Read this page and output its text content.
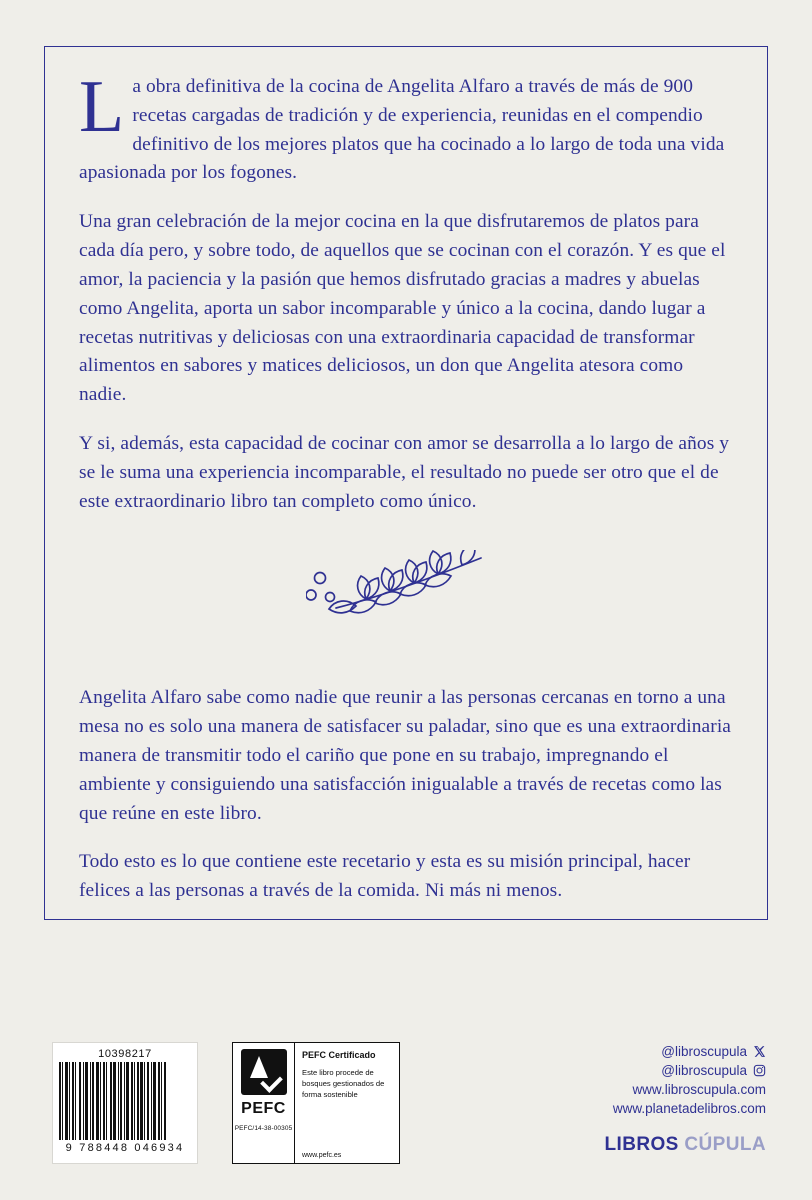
La obra definitiva de la cocina de Angelita Alfaro a través de más de 900 recetas cargadas de tradición y de experiencia, reunidas en el compendio definitivo de los mejores platos que ha cocinado a lo largo de toda una vida apasionada por los fogones.

Una gran celebración de la mejor cocina en la que disfrutaremos de platos para cada día pero, y sobre todo, de aquellos que se cocinan con el corazón. Y es que el amor, la paciencia y la pasión que hemos disfrutado gracias a madres y abuelas como Angelita, aporta un sabor incomparable y único a la cocina, dando lugar a recetas nutritivas y deliciosas con una extraordinaria capacidad de transformar alimentos en sabores y matices deliciosos, un don que Angelita atesora como nadie.

Y si, además, esta capacidad de cocinar con amor se desarrolla a lo largo de años y se le suma una experiencia incomparable, el resultado no puede ser otro que el de este extraordinario libro tan completo como único.

Angelita Alfaro sabe como nadie que reunir a las personas cercanas en torno a una mesa no es solo una manera de satisfacer su paladar, sino que es una extraordinaria manera de transmitir todo el cariño que pone en su trabajo, impregnando el ambiente y consiguiendo una satisfacción inigualable a través de recetas como las que reúne en este libro.

Todo esto es lo que contiene este recetario y esta es su misión principal, hacer felices a las personas a través de la comida. Ni más ni menos.

10398217
9 788448 046934
PEFC
PEFC/14-38-00305
PEFC Certificado
Este libro procede de bosques gestionados de forma sostenible
www.pefc.es
@libroscupula
@libroscupula
www.libroscupula.com
www.planetadelibros.com
LIBROS CÚPULA
